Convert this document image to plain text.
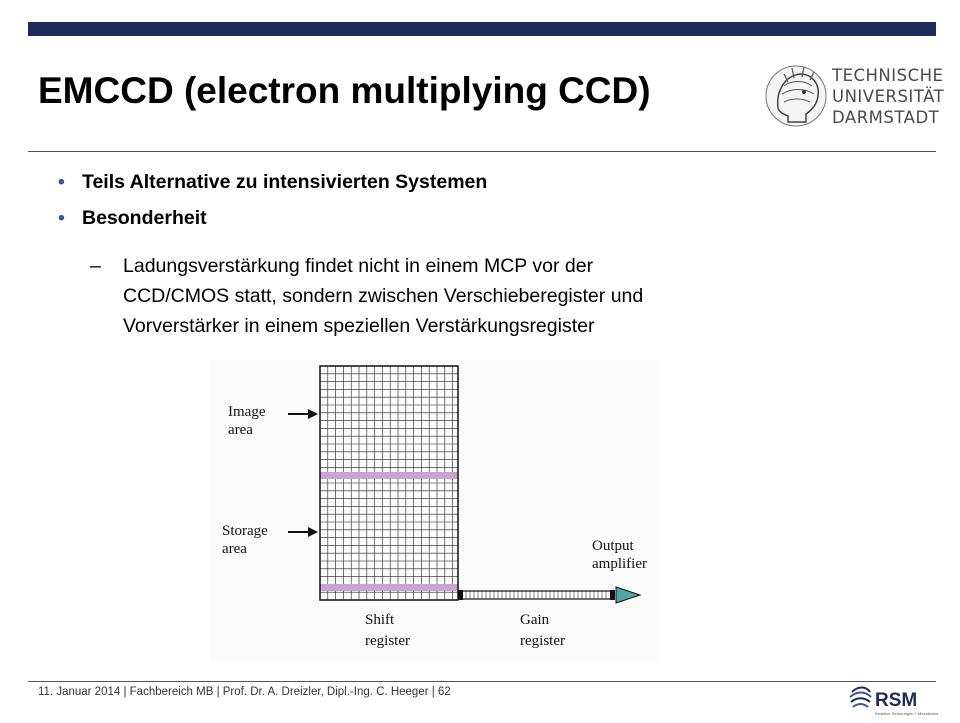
EMCCD (electron multiplying CCD)	TECHNISCHE
UNIVERSITÄT
DARMSTADT
• Teils Alternative zu intensivierten Systemen
• Besonderheit
–	Ladungsverstärkung findet nicht in einem MCP vor der
CCD/CMOS statt, sondern zwischen Verschieberegister und
Vorverstärker in einem speziellen Verstärkungsregister
Image
area
Storage
area	Output
amplifier
Shift
register
Gain
register
11. Januar 2014 | Fachbereich MB | Prof. Dr. A. Dreizler, Dipl.-Ing. C. Heeger | 62	RSM
Reaktive Strömungen + Messtechnik
